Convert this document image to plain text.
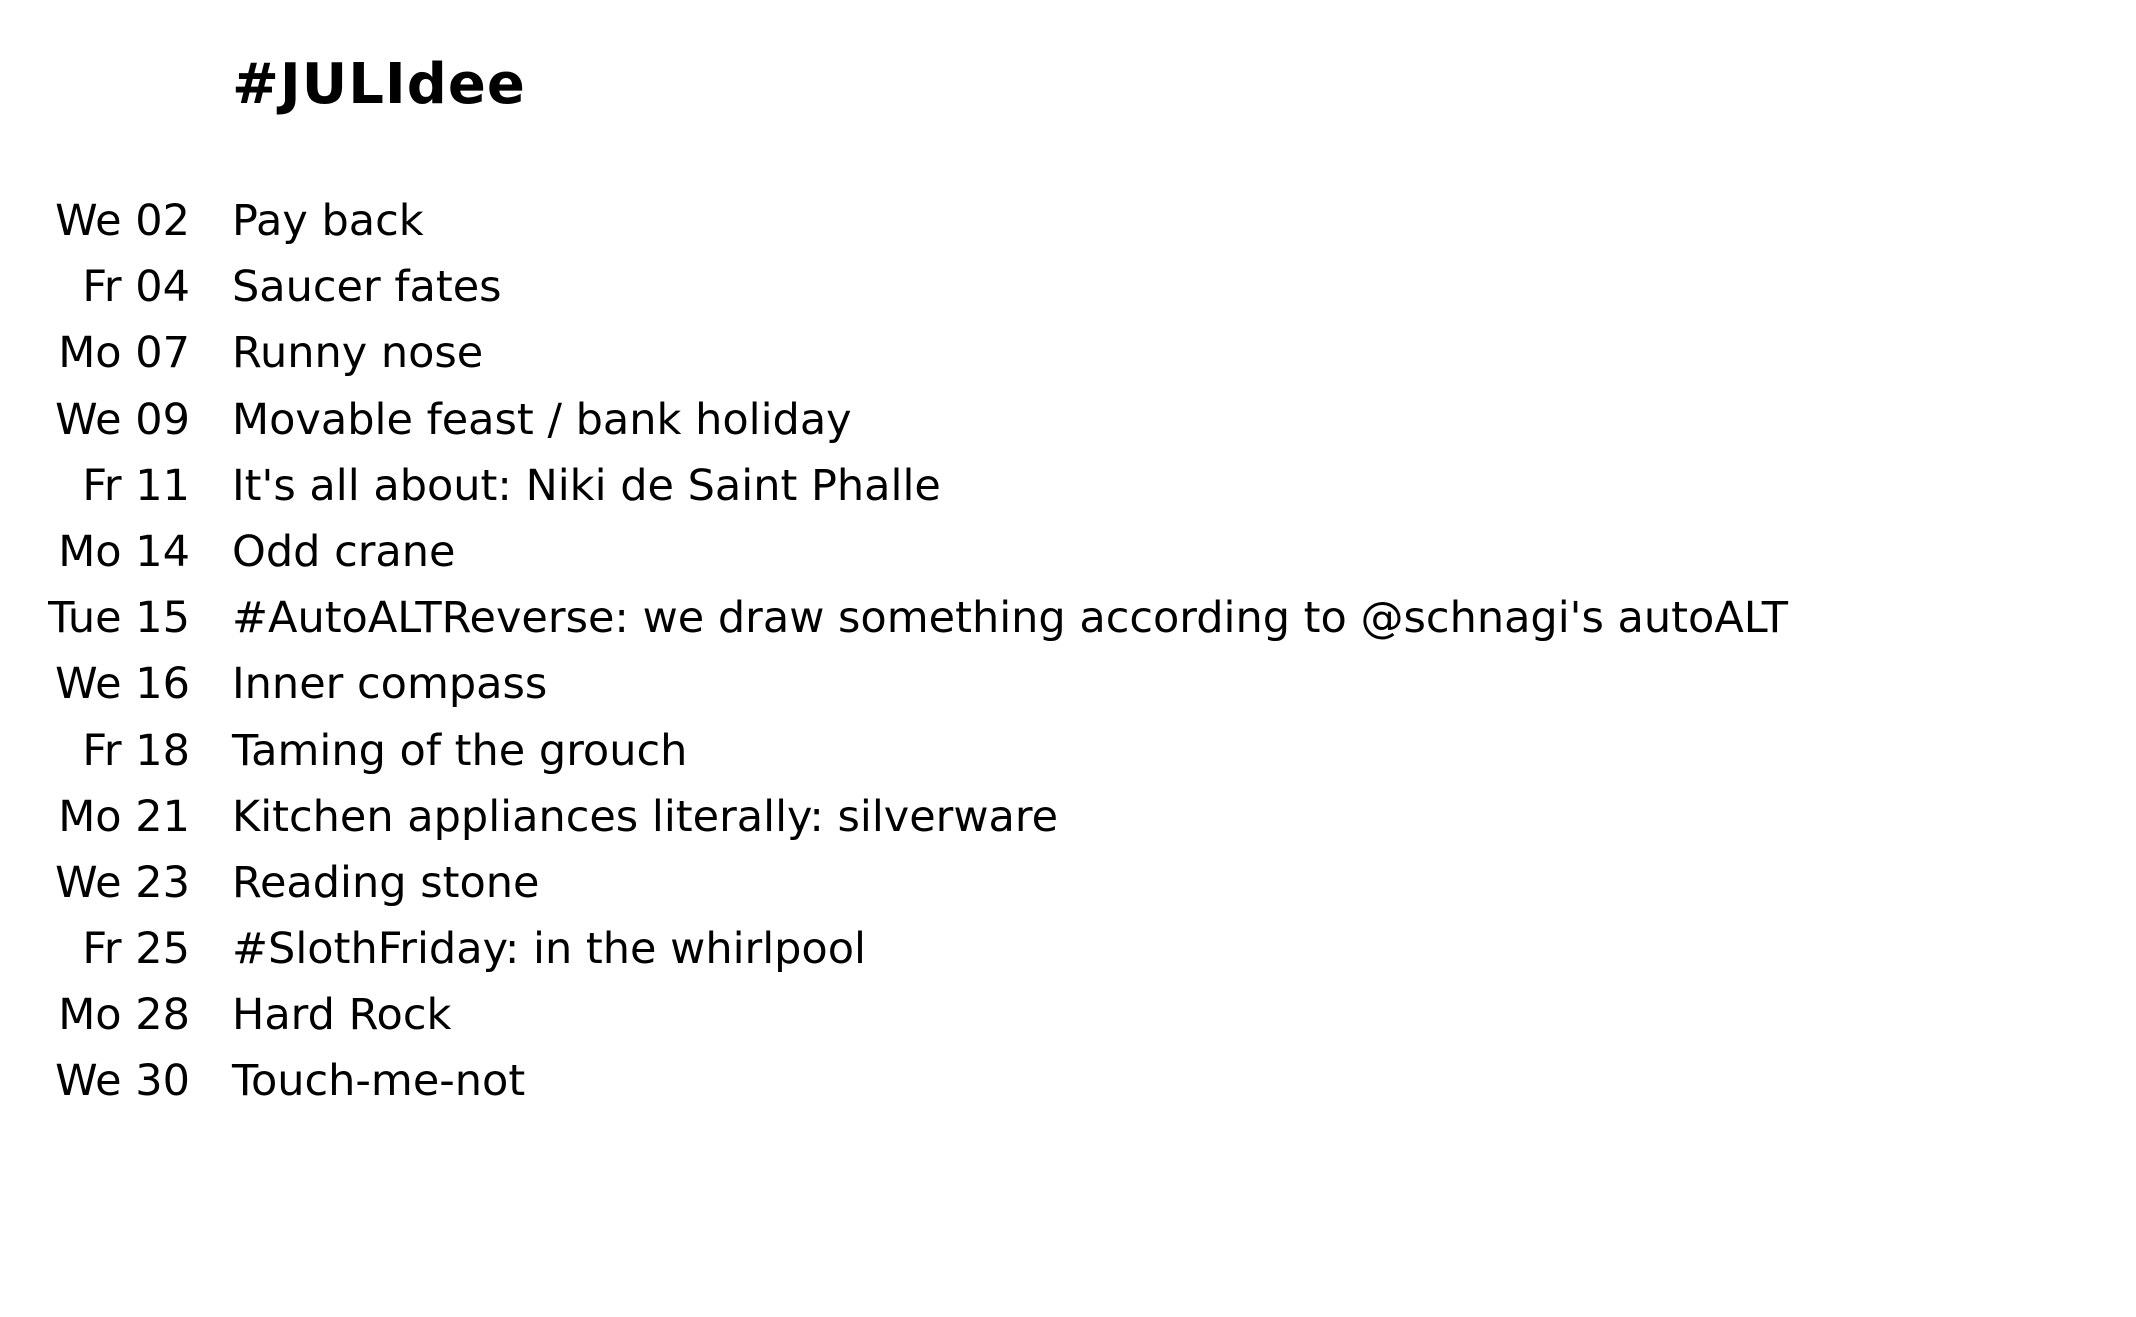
#JULIdee
We 02 Pay back
Fr 04 Saucer fates
Mo 07 Runny nose
We 09 Movable feast / bank holiday
Fr 11 It's all about: Niki de Saint Phalle
Mo 14 Odd crane
Tue 15 #AutoALTReverse: we draw something according to @schnagi's autoALT
We 16 Inner compass
Fr 18 Taming of the grouch
Mo 21 Kitchen appliances literally: silverware
We 23 Reading stone
Fr 25 #SlothFriday: in the whirlpool
Mo 28 Hard Rock
We 30 Touch-me-not
